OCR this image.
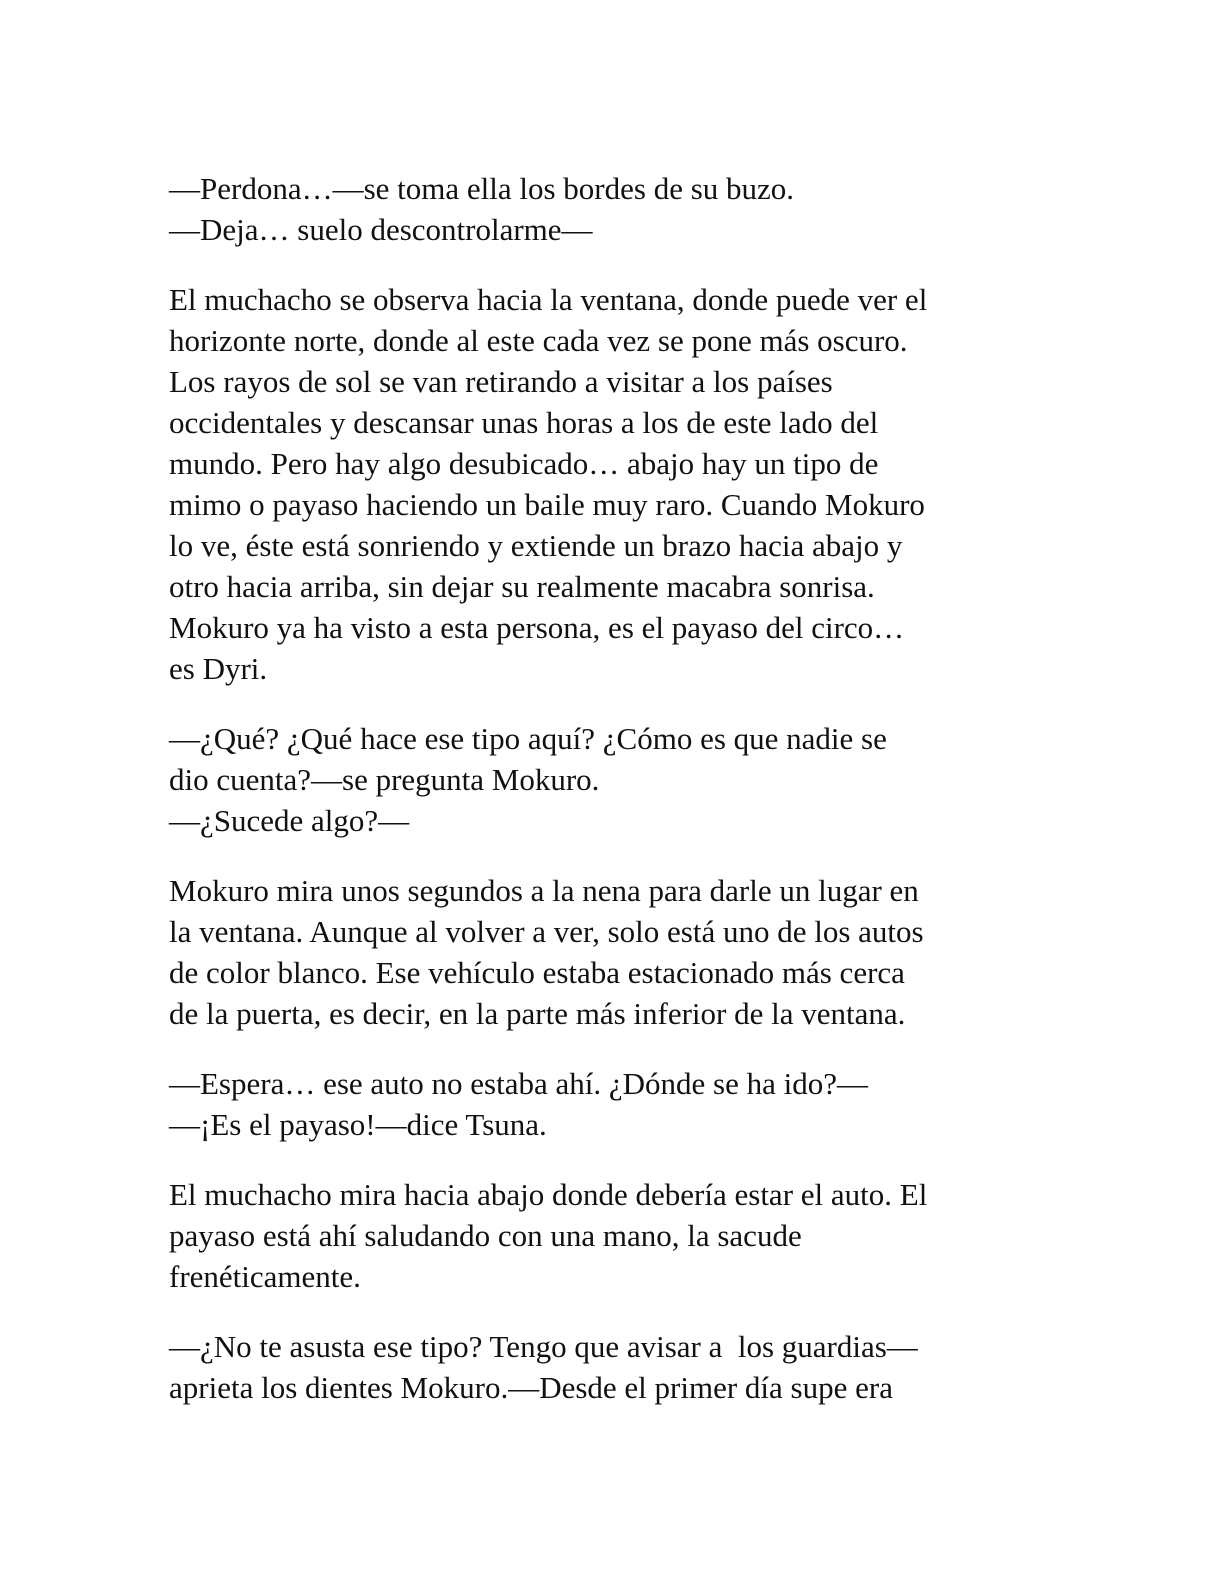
—Perdona…—se toma ella los bordes de su buzo.
—Deja… suelo descontrolarme—
El muchacho se observa hacia la ventana, donde puede ver el
horizonte norte, donde al este cada vez se pone más oscuro.
Los rayos de sol se van retirando a visitar a los países
occidentales y descansar unas horas a los de este lado del
mundo. Pero hay algo desubicado… abajo hay un tipo de
mimo o payaso haciendo un baile muy raro. Cuando Mokuro
lo ve, éste está sonriendo y extiende un brazo hacia abajo y
otro hacia arriba, sin dejar su realmente macabra sonrisa.
Mokuro ya ha visto a esta persona, es el payaso del circo…
es Dyri.
—¿Qué? ¿Qué hace ese tipo aquí? ¿Cómo es que nadie se
dio cuenta?—se pregunta Mokuro.
—¿Sucede algo?—
Mokuro mira unos segundos a la nena para darle un lugar en
la ventana. Aunque al volver a ver, solo está uno de los autos
de color blanco. Ese vehículo estaba estacionado más cerca
de la puerta, es decir, en la parte más inferior de la ventana.
—Espera… ese auto no estaba ahí. ¿Dónde se ha ido?—
—¡Es el payaso!—dice Tsuna.
El muchacho mira hacia abajo donde debería estar el auto. El
payaso está ahí saludando con una mano, la sacude
frenéticamente.
—¿No te asusta ese tipo? Tengo que avisar a  los guardias—
aprieta los dientes Mokuro.—Desde el primer día supe era
